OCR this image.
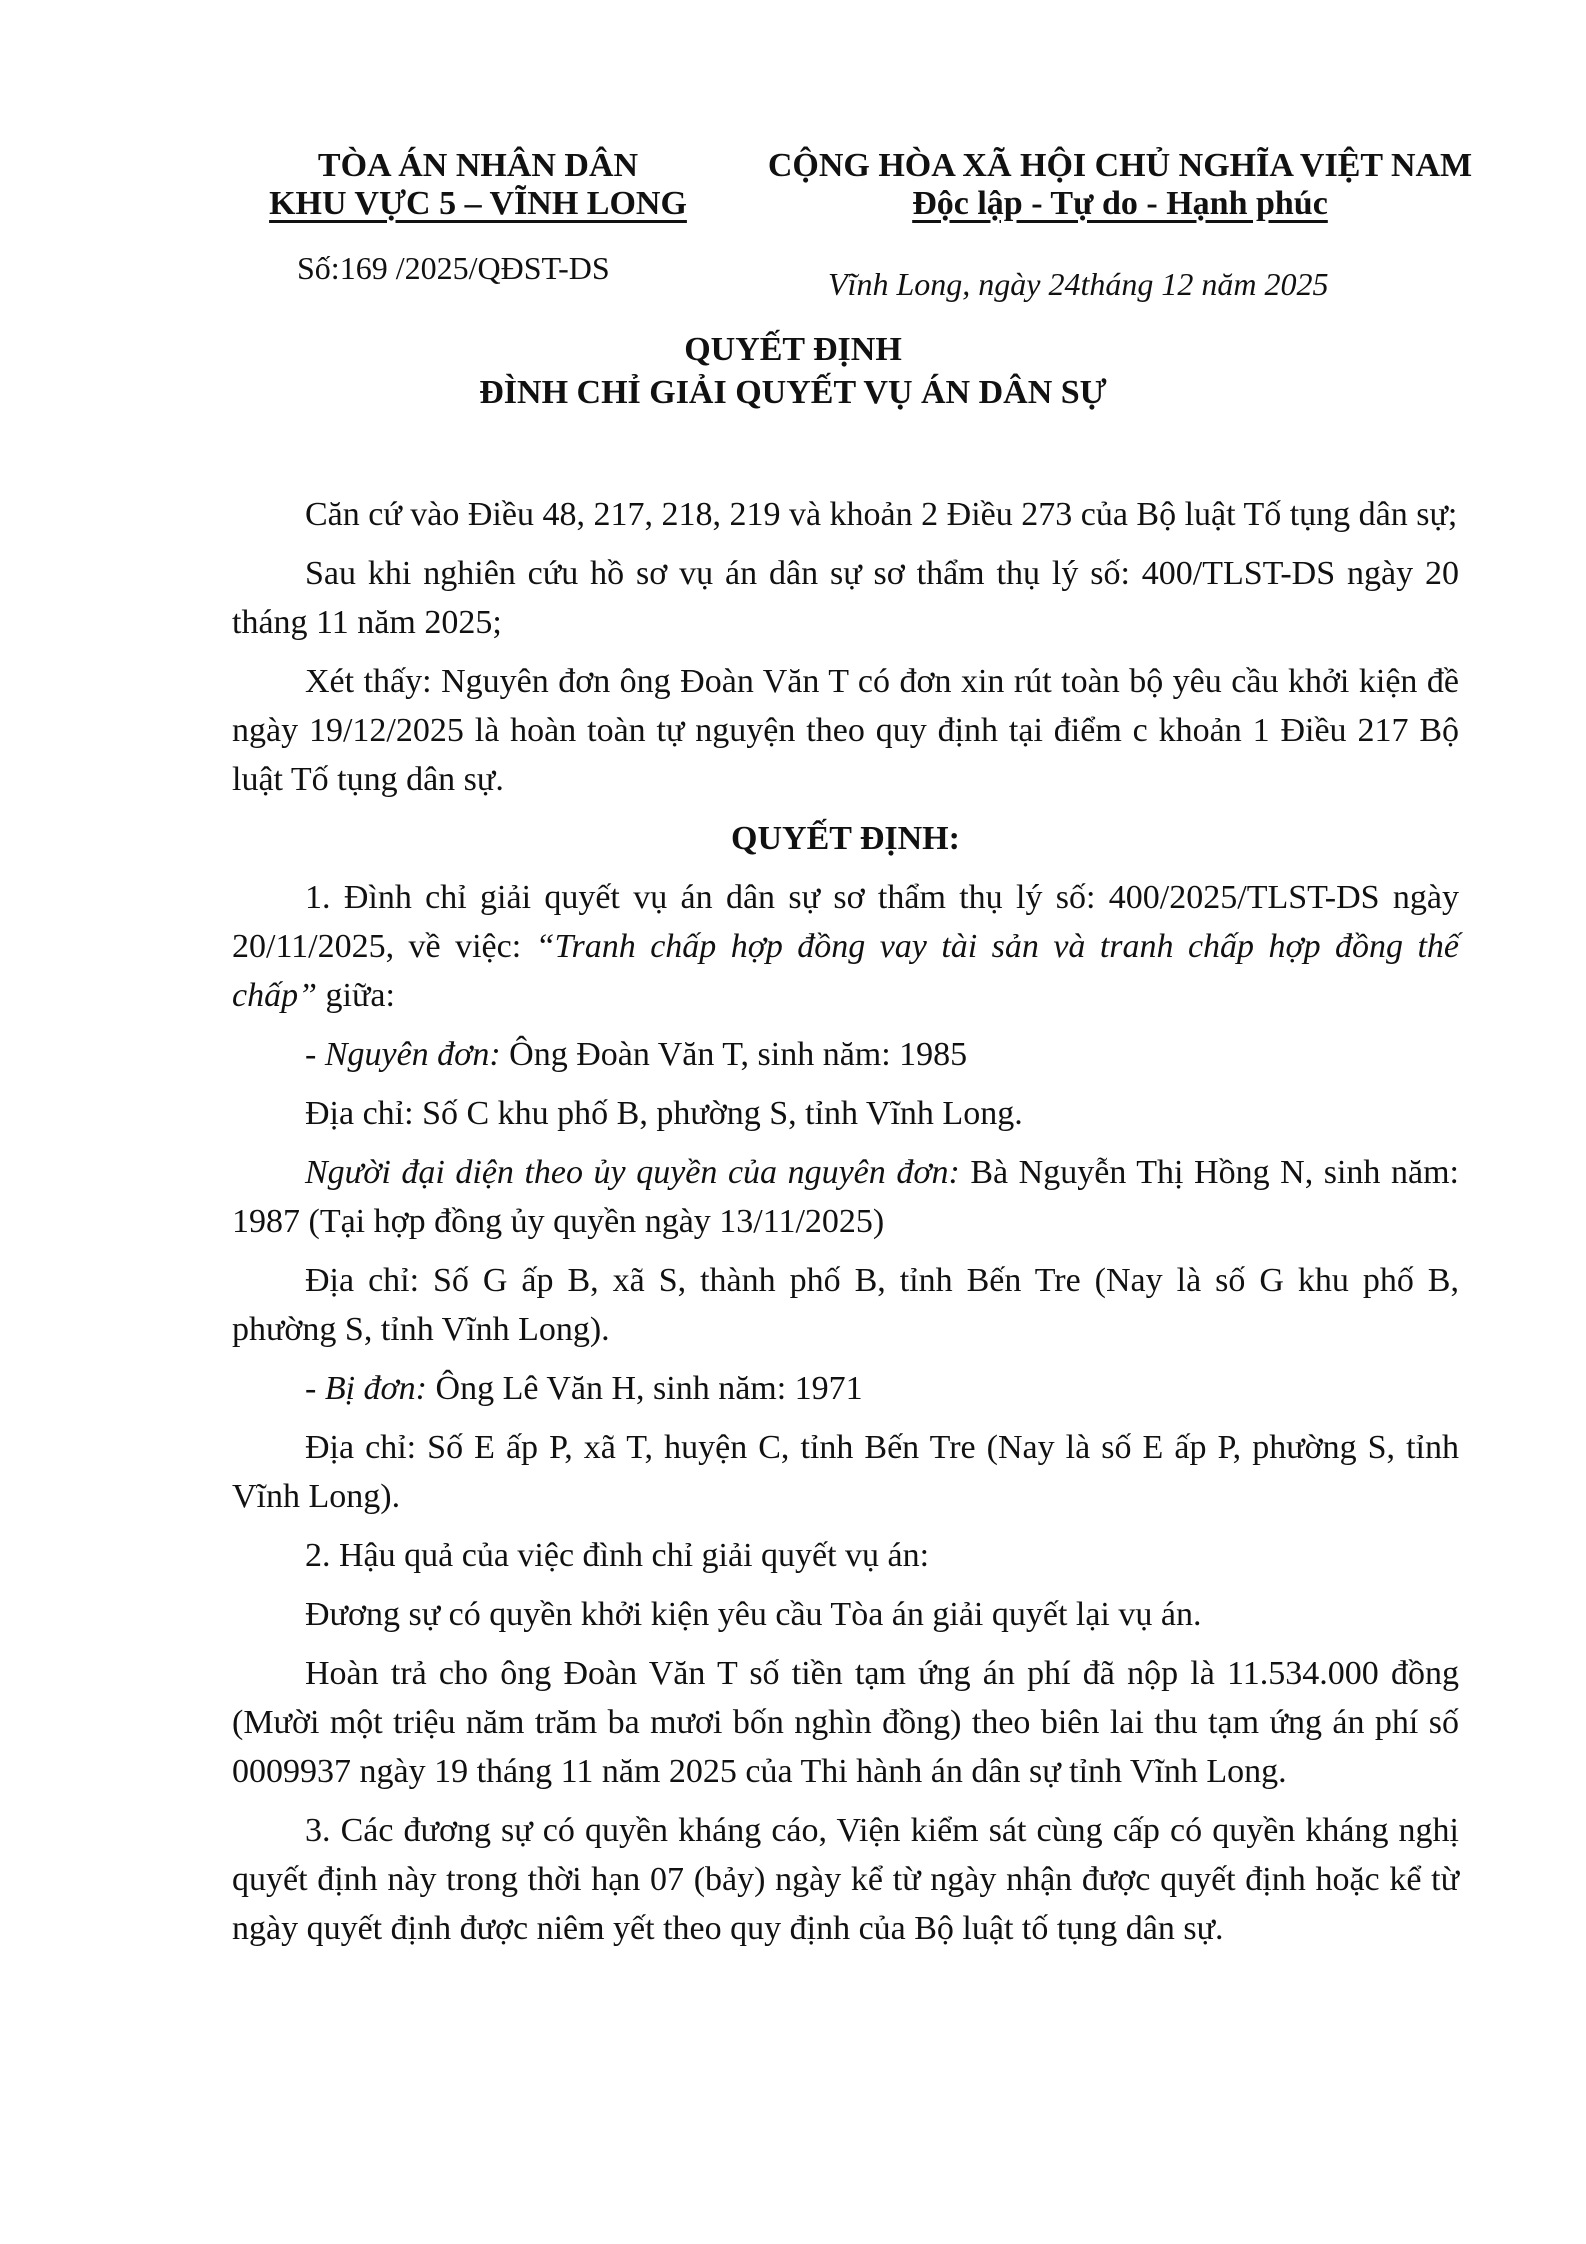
TÒA ÁN NHÂN DÂN
KHU VỰC 5 – VĨNH LONG
Số:169 /2025/QĐST-DS
CỘNG HÒA XÃ HỘI CHỦ NGHĨA VIỆT NAM
Độc lập - Tự do - Hạnh phúc
Vĩnh Long, ngày 24tháng 12 năm 2025
QUYẾT ĐỊNH
ĐÌNH CHỈ GIẢI QUYẾT VỤ ÁN DÂN SỰ

Căn cứ vào Điều 48, 217, 218, 219 và khoản 2 Điều 273 của Bộ luật Tố tụng dân sự;

Sau khi nghiên cứu hồ sơ vụ án dân sự sơ thẩm thụ lý số: 400/TLST-DS ngày 20 tháng 11 năm 2025;

Xét thấy: Nguyên đơn ông Đoàn Văn T có đơn xin rút toàn bộ yêu cầu khởi kiện đề ngày 19/12/2025 là hoàn toàn tự nguyện theo quy định tại điểm c khoản 1 Điều 217 Bộ luật Tố tụng dân sự.

QUYẾT ĐỊNH:

1. Đình chỉ giải quyết vụ án dân sự sơ thẩm thụ lý số: 400/2025/TLST-DS ngày 20/11/2025, về việc: “Tranh chấp hợp đồng vay tài sản và tranh chấp hợp đồng thế chấp” giữa:

- Nguyên đơn: Ông Đoàn Văn T, sinh năm: 1985

Địa chỉ: Số C khu phố B, phường S, tỉnh Vĩnh Long.

Người đại diện theo ủy quyền của nguyên đơn: Bà Nguyễn Thị Hồng N, sinh năm: 1987 (Tại hợp đồng ủy quyền ngày 13/11/2025)

Địa chỉ: Số G ấp B, xã S, thành phố B, tỉnh Bến Tre (Nay là số G khu phố B, phường S, tỉnh Vĩnh Long).

- Bị đơn: Ông Lê Văn H, sinh năm: 1971

Địa chỉ: Số E ấp P, xã T, huyện C, tỉnh Bến Tre (Nay là số E ấp P, phường S, tỉnh Vĩnh Long).

2. Hậu quả của việc đình chỉ giải quyết vụ án:

Đương sự có quyền khởi kiện yêu cầu Tòa án giải quyết lại vụ án.

Hoàn trả cho ông Đoàn Văn T số tiền tạm ứng án phí đã nộp là 11.534.000 đồng (Mười một triệu năm trăm ba mươi bốn nghìn đồng) theo biên lai thu tạm ứng án phí số 0009937 ngày 19 tháng 11 năm 2025 của Thi hành án dân sự tỉnh Vĩnh Long.

3. Các đương sự có quyền kháng cáo, Viện kiểm sát cùng cấp có quyền kháng nghị quyết định này trong thời hạn 07 (bảy) ngày kể từ ngày nhận được quyết định hoặc kể từ ngày quyết định được niêm yết theo quy định của Bộ luật tố tụng dân sự.
